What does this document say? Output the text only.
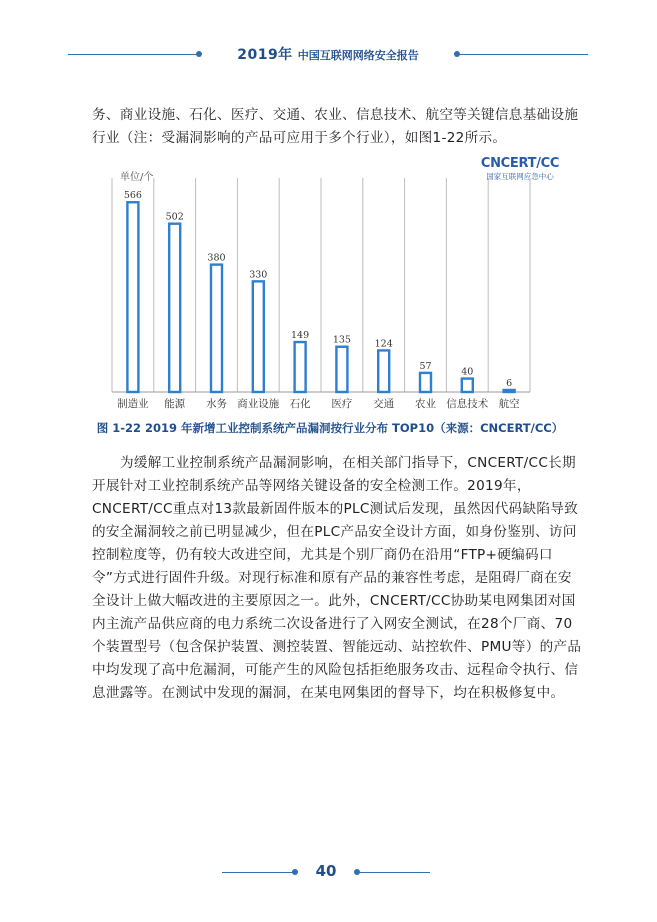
2019年 中国互联网网络安全报告
务、商业设施、石化、医疗、交通、农业、信息技术、航空等关键信息基础设施行业（注：受漏洞影响的产品可应用于多个行业），如图1-22所示。
CNCERT/CC
国家互联网应急中心
单位/个
566
制造业
502
能源
380
水务
330
商业设施
149
石化
135
医疗
124
交通
57
农业
40
信息技术
6
航空
图 1-22 2019 年新增工业控制系统产品漏洞按行业分布 TOP10（来源：CNCERT/CC）
为缓解工业控制系统产品漏洞影响，在相关部门指导下，CNCERT/CC长期开展针对工业控制系统产品等网络关键设备的安全检测工作。2019年，CNCERT/CC重点对13款最新固件版本的PLC测试后发现，虽然因代码缺陷导致的安全漏洞较之前已明显减少，但在PLC产品安全设计方面，如身份鉴别、访问控制粒度等，仍有较大改进空间，尤其是个别厂商仍在沿用“FTP+硬编码口令”方式进行固件升级。对现行标准和原有产品的兼容性考虑，是阻碍厂商在安全设计上做大幅改进的主要原因之一。此外，CNCERT/CC协助某电网集团对国内主流产品供应商的电力系统二次设备进行了入网安全测试，在28个厂商、70个装置型号（包含保护装置、测控装置、智能远动、站控软件、PMU等）的产品中均发现了高中危漏洞，可能产生的风险包括拒绝服务攻击、远程命令执行、信息泄露等。在测试中发现的漏洞，在某电网集团的督导下，均在积极修复中。
40
